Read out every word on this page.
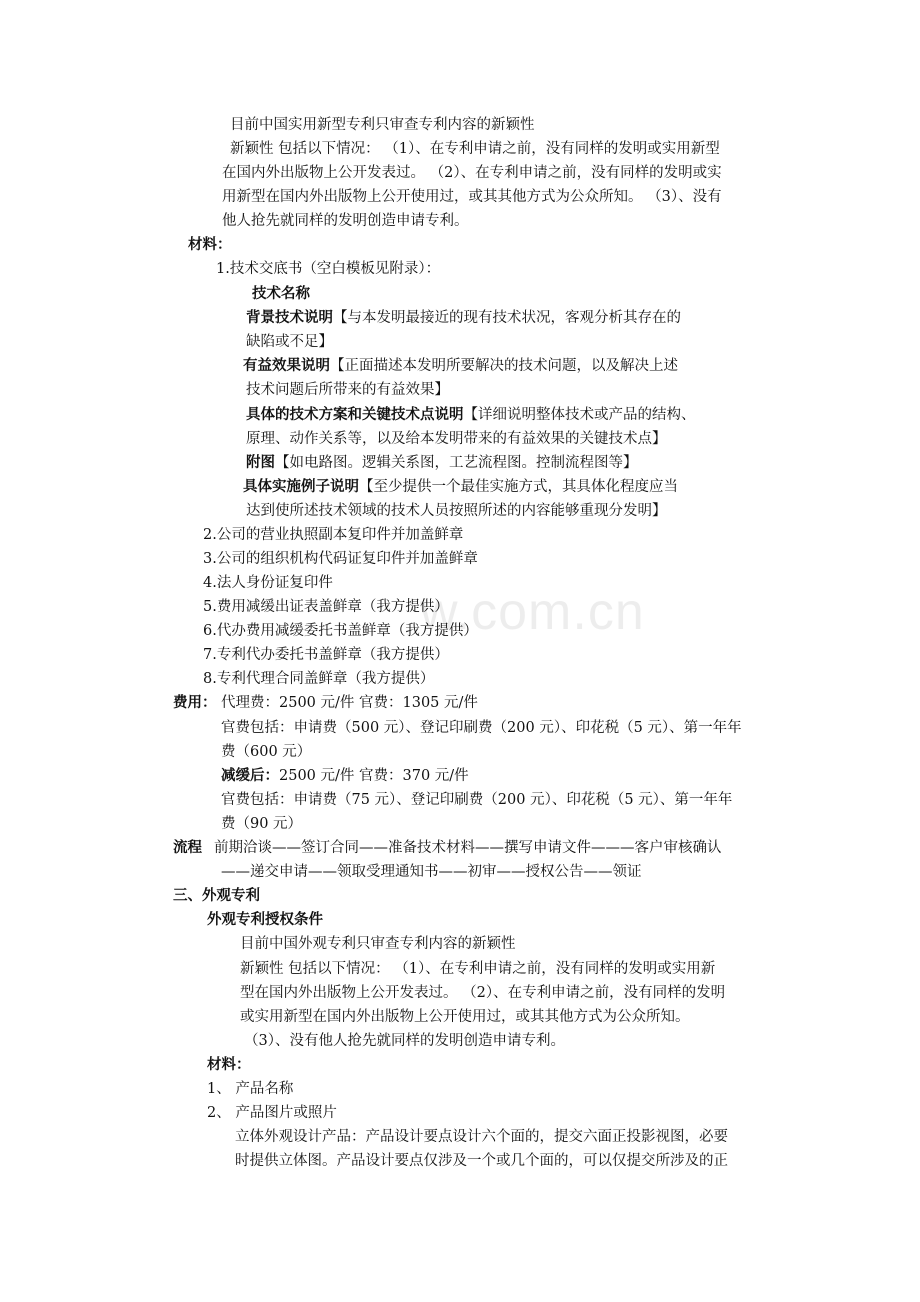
w.com.cn
目前中国实用新型专利只审查专利内容的新颖性
新颖性 包括以下情况： （1）、在专利申请之前，没有同样的发明或实用新型
在国内外出版物上公开发表过。 （2）、在专利申请之前，没有同样的发明或实
用新型在国内外出版物上公开使用过，或其其他方式为公众所知。 （3）、没有
他人抢先就同样的发明创造申请专利。
材料：
1.技术交底书（空白模板见附录）：
技术名称
背景技术说明【与本发明最接近的现有技术状况，客观分析其存在的
缺陷或不足】
有益效果说明【正面描述本发明所要解决的技术问题，以及解决上述
技术问题后所带来的有益效果】
具体的技术方案和关键技术点说明【详细说明整体技术或产品的结构、
原理、动作关系等，以及给本发明带来的有益效果的关键技术点】
附图【如电路图。逻辑关系图，工艺流程图。控制流程图等】
具体实施例子说明【至少提供一个最佳实施方式，其具体化程度应当
达到使所述技术领域的技术人员按照所述的内容能够重现分发明】
2.公司的营业执照副本复印件并加盖鲜章
3.公司的组织机构代码证复印件并加盖鲜章
4.法人身份证复印件
5.费用减缓出证表盖鲜章（我方提供）
6.代办费用减缓委托书盖鲜章（我方提供）
7.专利代办委托书盖鲜章（我方提供）
8.专利代理合同盖鲜章（我方提供）
费用： 代理费：2500 元/件 官费：1305 元/件
官费包括：申请费（500 元）、登记印刷费（200 元）、印花税（5 元）、第一年年
费（600 元）
减缓后：2500 元/件 官费：370 元/件
官费包括：申请费（75 元）、登记印刷费（200 元）、印花税（5 元）、第一年年
费（90 元）
流程 前期洽谈——签订合同——准备技术材料——撰写申请文件———客户审核确认
——递交申请——领取受理通知书——初审——授权公告——领证
三、外观专利
外观专利授权条件
目前中国外观专利只审查专利内容的新颖性
新颖性 包括以下情况： （1）、在专利申请之前，没有同样的发明或实用新
型在国内外出版物上公开发表过。 （2）、在专利申请之前，没有同样的发明
或实用新型在国内外出版物上公开使用过，或其其他方式为公众所知。
（3）、没有他人抢先就同样的发明创造申请专利。
材料：
1、 产品名称
2、 产品图片或照片
立体外观设计产品：产品设计要点设计六个面的，提交六面正投影视图，必要
时提供立体图。产品设计要点仅涉及一个或几个面的，可以仅提交所涉及的正
